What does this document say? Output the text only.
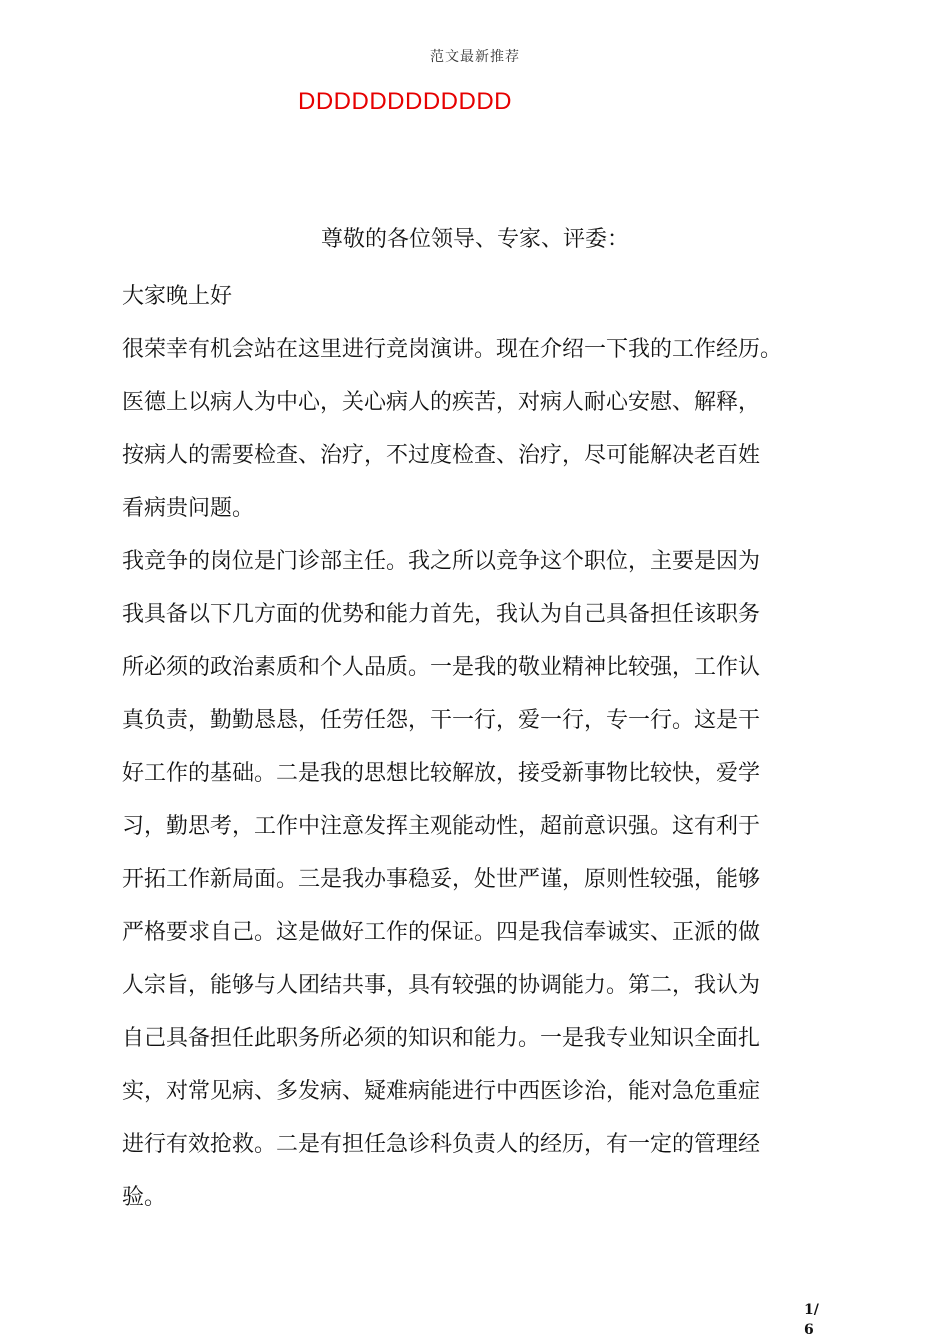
范文最新推荐
DDDDDDDDDDDD
尊敬的各位领导、专家、评委：

大家晚上好

很荣幸有机会站在这里进行竞岗演讲。现在介绍一下我的工作经历。

医德上以病人为中心，关心病人的疾苦，对病人耐心安慰、解释，
按病人的需要检查、治疗，不过度检查、治疗，尽可能解决老百姓
看病贵问题。

我竞争的岗位是门诊部主任。我之所以竞争这个职位，主要是因为
我具备以下几方面的优势和能力首先，我认为自己具备担任该职务
所必须的政治素质和个人品质。一是我的敬业精神比较强，工作认
真负责，勤勤恳恳，任劳任怨，干一行，爱一行，专一行。这是干
好工作的基础。二是我的思想比较解放，接受新事物比较快，爱学
习，勤思考，工作中注意发挥主观能动性，超前意识强。这有利于
开拓工作新局面。三是我办事稳妥，处世严谨，原则性较强，能够
严格要求自己。这是做好工作的保证。四是我信奉诚实、正派的做
人宗旨，能够与人团结共事，具有较强的协调能力。第二，我认为
自己具备担任此职务所必须的知识和能力。一是我专业知识全面扎
实，对常见病、多发病、疑难病能进行中西医诊治，能对急危重症
进行有效抢救。二是有担任急诊科负责人的经历，有一定的管理经
验。

1/
6
